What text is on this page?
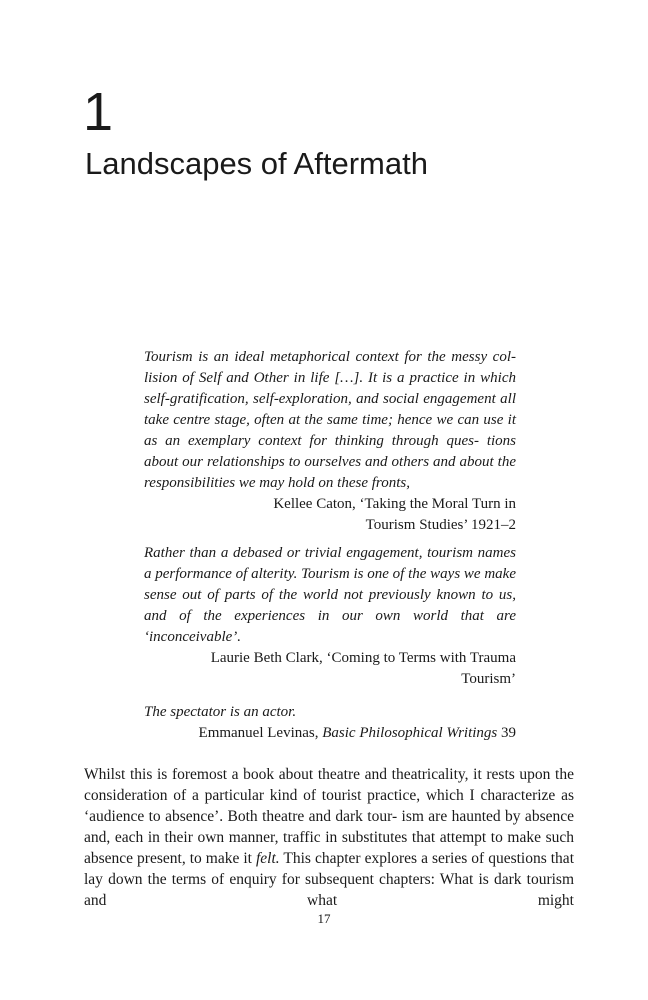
1
Landscapes of Aftermath

Tourism is an ideal metaphorical context for the messy col- lision of Self and Other in life […]. It is a practice in which self-gratification, self-exploration, and social engagement all take centre stage, often at the same time; hence we can use it as an exemplary context for thinking through ques- tions about our relationships to ourselves and others and about the responsibilities we may hold on these fronts,

Kellee Caton, ‘Taking the Moral Turn in

Tourism Studies’ 1921–2

Rather than a debased or trivial engagement, tourism names a performance of alterity. Tourism is one of the ways we make sense out of parts of the world not previously known to us, and of the experiences in our own world that are ‘inconceivable’.

Laurie Beth Clark, ‘Coming to Terms with Trauma

Tourism’

The spectator is an actor.

Emmanuel Levinas, Basic Philosophical Writings 39

Whilst this is foremost a book about theatre and theatricality, it rests upon the consideration of a particular kind of tourist practice, which I characterize as ‘audience to absence’. Both theatre and dark tour- ism are haunted by absence and, each in their own manner, traffic in substitutes that attempt to make such absence present, to make it felt. This chapter explores a series of questions that lay down the terms of enquiry for subsequent chapters: What is dark tourism and what might

17
